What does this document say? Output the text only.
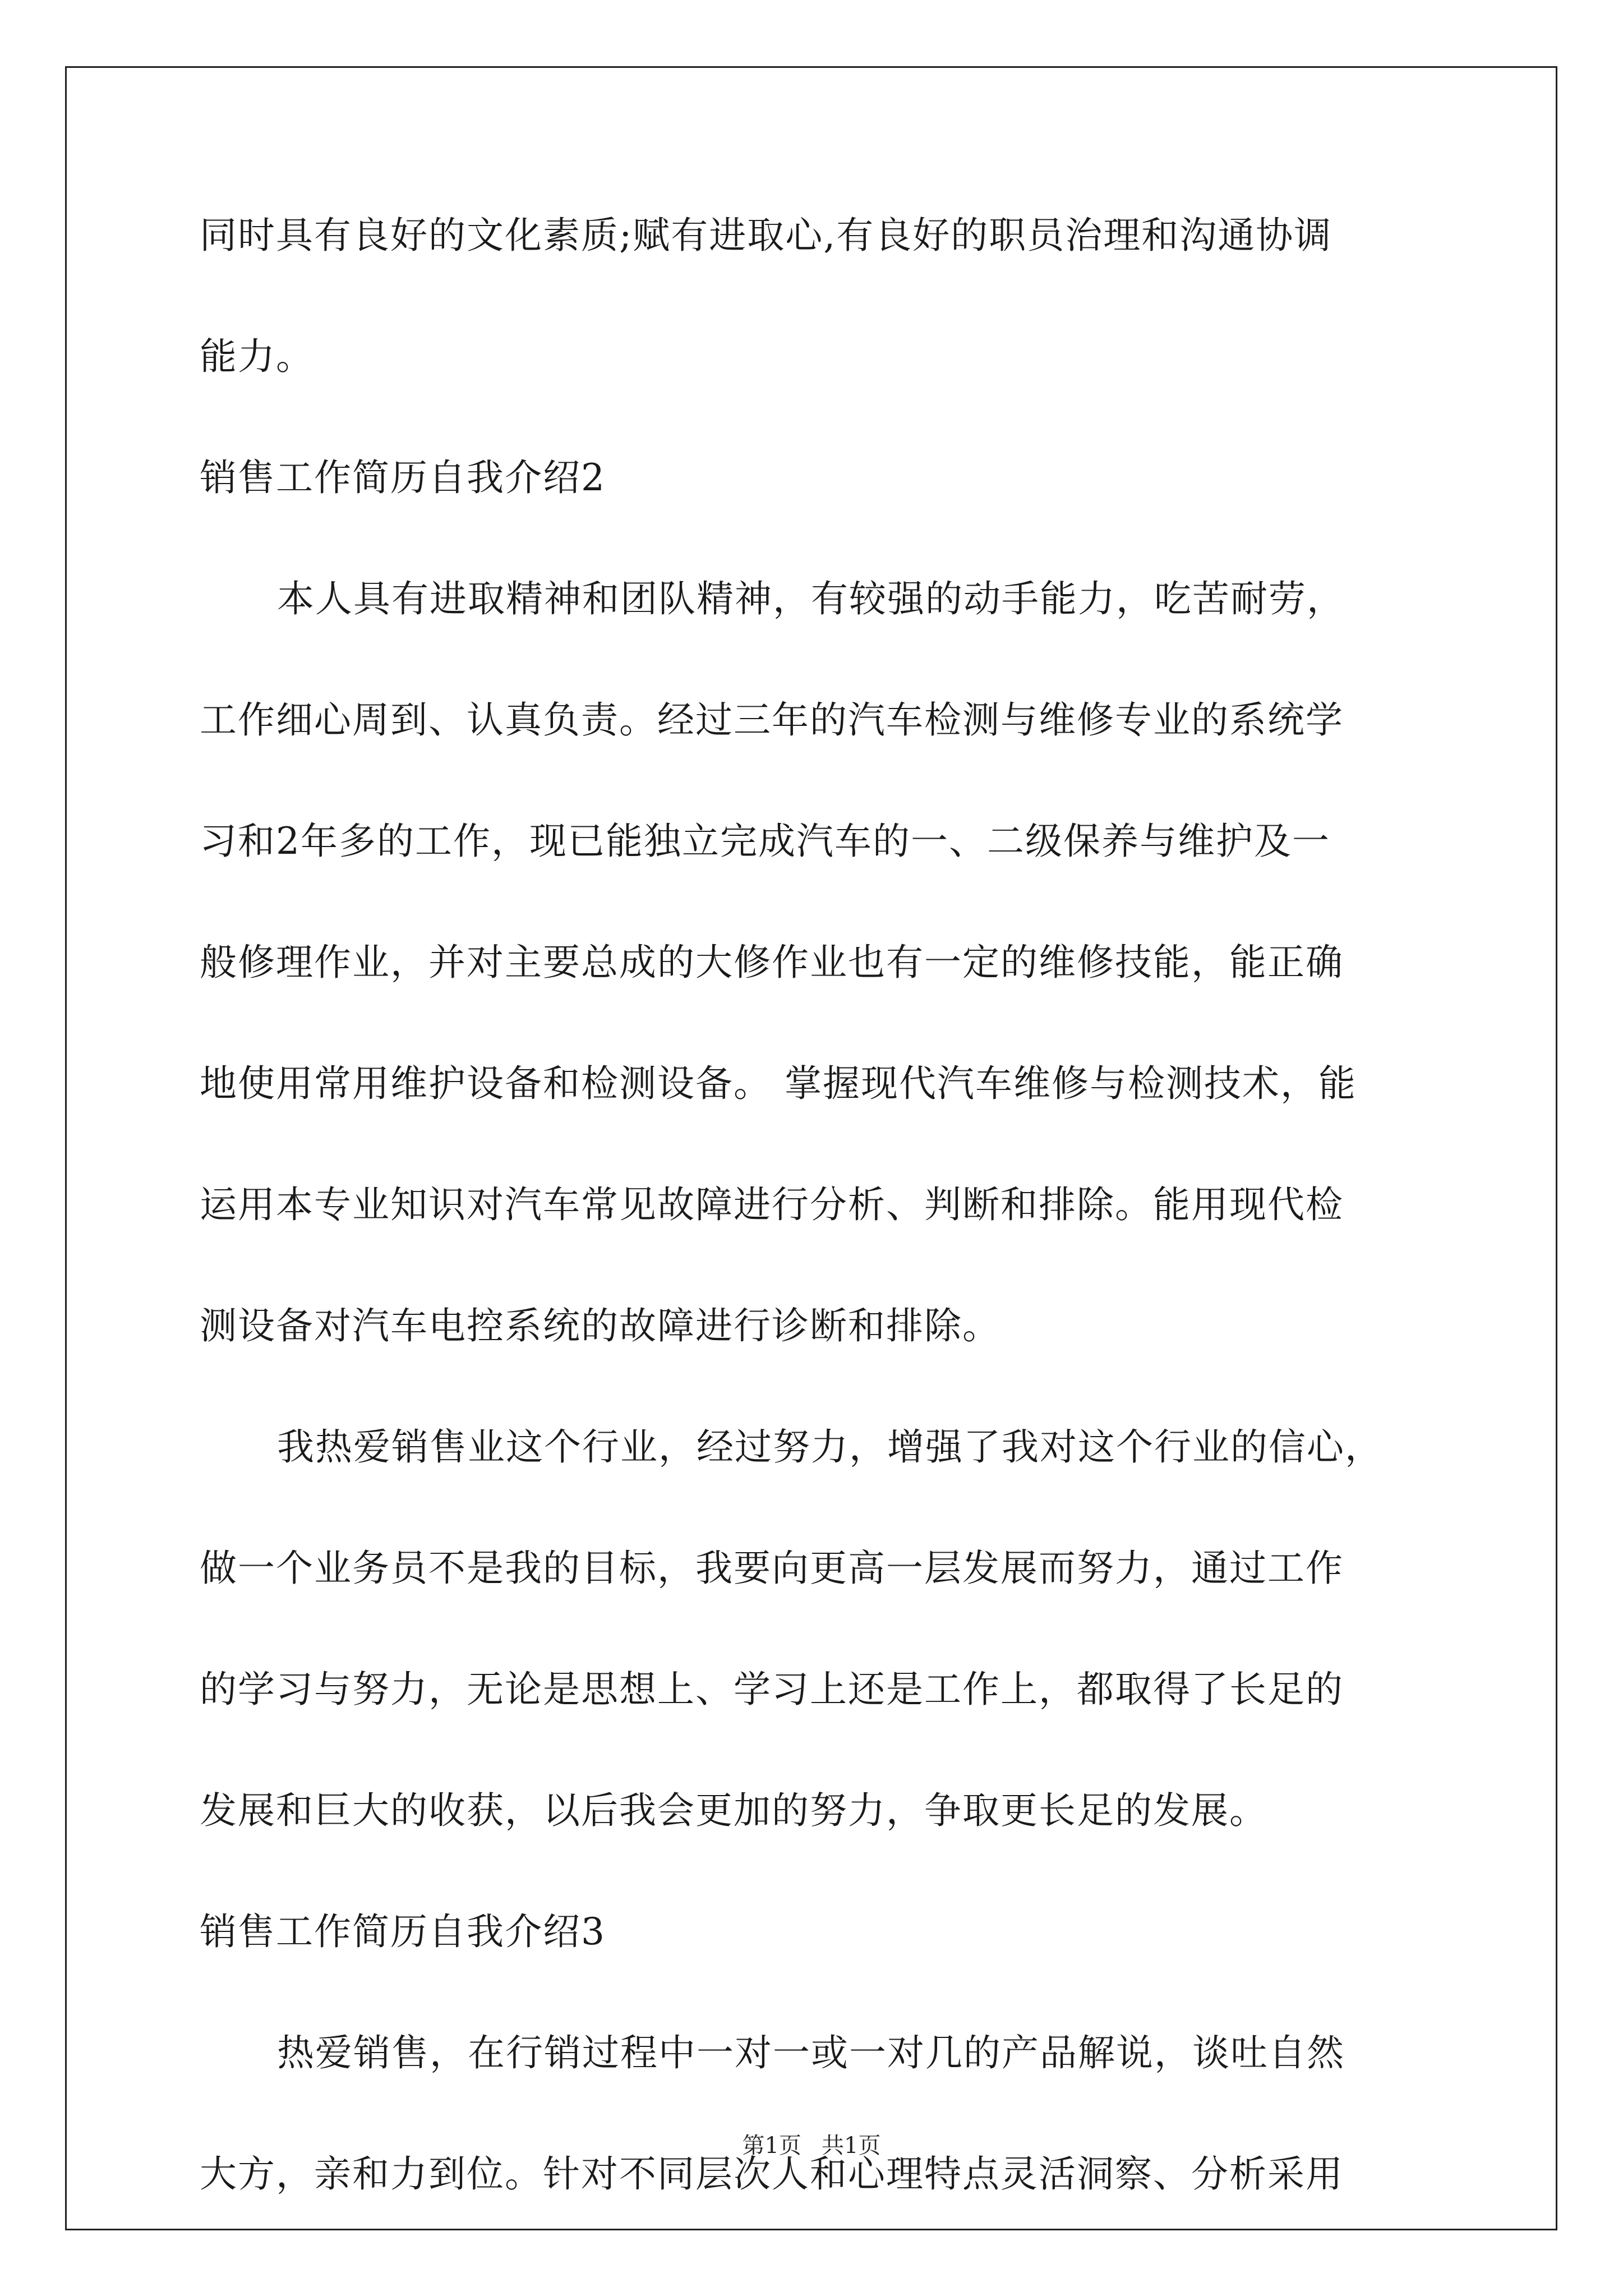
同时具有良好的文化素质;赋有进取心,有良好的职员治理和沟通协调
能力。
销售工作简历自我介绍2
本人具有进取精神和团队精神，有较强的动手能力，吃苦耐劳，
工作细心周到、认真负责。经过三年的汽车检测与维修专业的系统学
习和2年多的工作，现已能独立完成汽车的一、二级保养与维护及一
般修理作业，并对主要总成的大修作业也有一定的维修技能，能正确
地使用常用维护设备和检测设备。 掌握现代汽车维修与检测技术，能
运用本专业知识对汽车常见故障进行分析、判断和排除。能用现代检
测设备对汽车电控系统的故障进行诊断和排除。
我热爱销售业这个行业，经过努力，增强了我对这个行业的信心，
做一个业务员不是我的目标，我要向更高一层发展而努力，通过工作
的学习与努力，无论是思想上、学习上还是工作上，都取得了长足的
发展和巨大的收获，以后我会更加的努力，争取更长足的发展。
销售工作简历自我介绍3
热爱销售，在行销过程中一对一或一对几的产品解说，谈吐自然
大方，亲和力到位。针对不同层次人和心理特点灵活洞察、分析采用
第1页 共1页
